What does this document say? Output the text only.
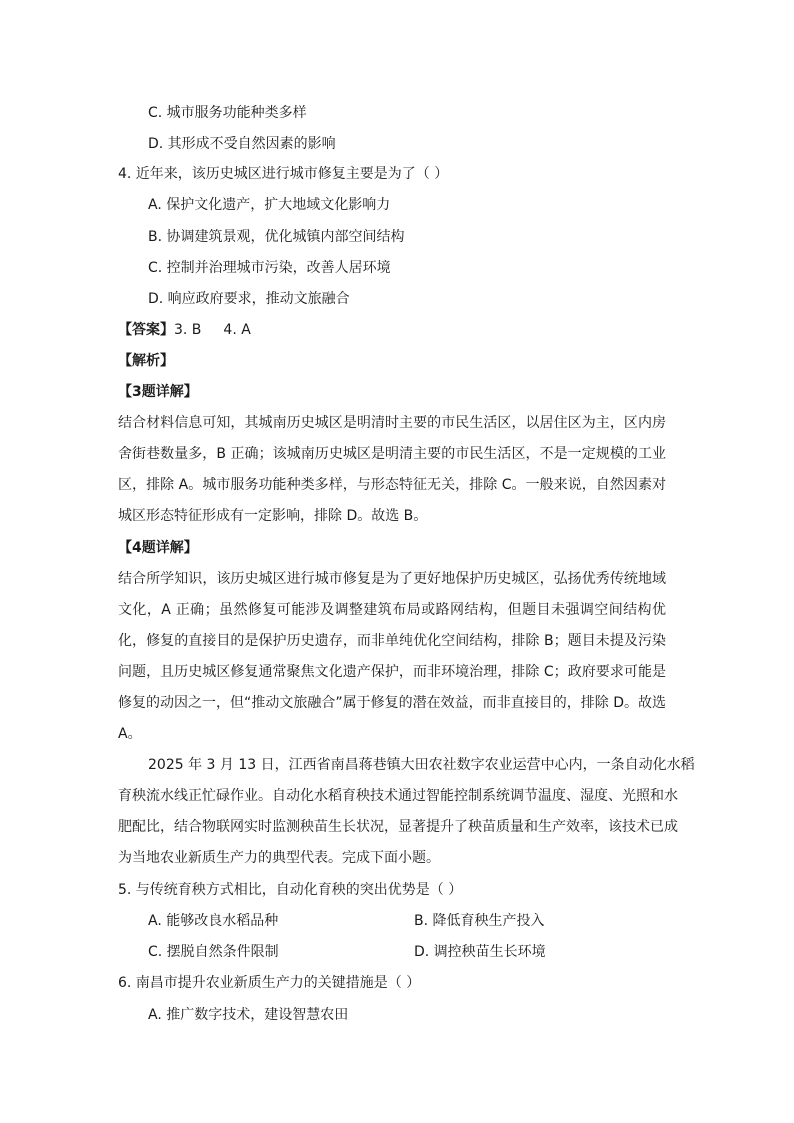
C. 城市服务功能种类多样
D. 其形成不受自然因素的影响
4. 近年来，该历史城区进行城市修复主要是为了（ ）
A. 保护文化遗产，扩大地域文化影响力
B. 协调建筑景观，优化城镇内部空间结构
C. 控制并治理城市污染，改善人居环境
D. 响应政府要求，推动文旅融合
【答案】3. B 4. A
【解析】
【3题详解】
结合材料信息可知，其城南历史城区是明清时主要的市民生活区，以居住区为主，区内房
舍街巷数量多，B 正确；该城南历史城区是明清主要的市民生活区，不是一定规模的工业
区，排除 A。城市服务功能种类多样，与形态特征无关，排除 C。一般来说，自然因素对
城区形态特征形成有一定影响，排除 D。故选 B。
【4题详解】
结合所学知识，该历史城区进行城市修复是为了更好地保护历史城区，弘扬优秀传统地域
文化，A 正确；虽然修复可能涉及调整建筑布局或路网结构，但题目未强调空间结构优
化，修复的直接目的是保护历史遗存，而非单纯优化空间结构，排除 B；题目未提及污染
问题，且历史城区修复通常聚焦文化遗产保护，而非环境治理，排除 C；政府要求可能是
修复的动因之一，但“推动文旅融合”属于修复的潜在效益，而非直接目的，排除 D。故选
A。
2025 年 3 月 13 日，江西省南昌蒋巷镇大田农社数字农业运营中心内，一条自动化水稻
育秧流水线正忙碌作业。自动化水稻育秧技术通过智能控制系统调节温度、湿度、光照和水
肥配比，结合物联网实时监测秧苗生长状况，显著提升了秧苗质量和生产效率，该技术已成
为当地农业新质生产力的典型代表。完成下面小题。
5. 与传统育秧方式相比，自动化育秧的突出优势是（ ）
A. 能够改良水稻品种	B. 降低育秧生产投入
C. 摆脱自然条件限制	D. 调控秧苗生长环境
6. 南昌市提升农业新质生产力的关键措施是（ ）
A. 推广数字技术，建设智慧农田
